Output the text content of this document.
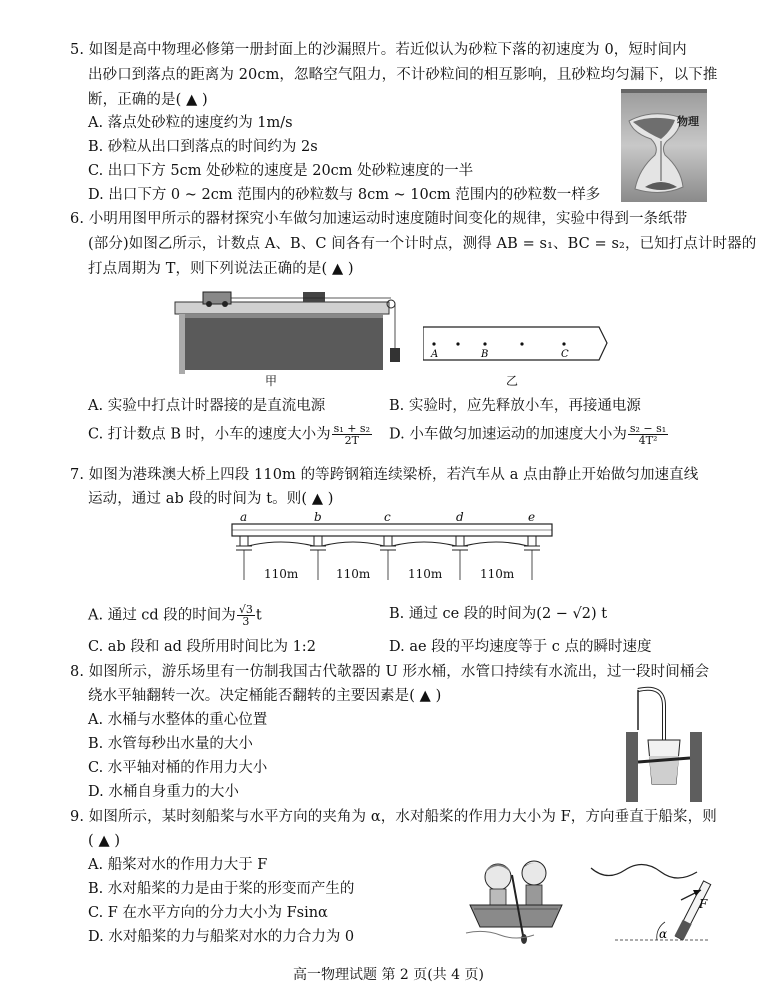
5. 如图是高中物理必修第一册封面上的沙漏照片。若近似认为砂粒下落的初速度为 0，短时间内
出砂口到落点的距离为 20cm，忽略空气阻力，不计砂粒间的相互影响，且砂粒均匀漏下，以下推
断，正确的是( ▲ )
A. 落点处砂粒的速度约为 1m/s
B. 砂粒从出口到落点的时间约为 2s
C. 出口下方 5cm 处砂粒的速度是 20cm 处砂粒速度的一半
D. 出口下方 0 ~ 2cm 范围内的砂粒数与 8cm ~ 10cm 范围内的砂粒数一样多
物理
6. 小明用图甲所示的器材探究小车做匀加速运动时速度随时间变化的规律，实验中得到一条纸带
(部分)如图乙所示，计数点 A、B、C 间各有一个计时点，测得 AB = s₁、BC = s₂，已知打点计时器的
打点周期为 T，则下列说法正确的是( ▲ )
甲
A	B	C
乙
A. 实验中打点计时器接的是直流电源	B. 实验时，应先释放小车，再接通电源
C. 打计数点 B 时，小车的速度大小为 $\frac{\text{s₁ + s₂}}{2T} D$. 小车做匀加速运动的加速度大小为 $\frac{\text{s₂ − s₁}}{\text{4T²}}$
7. 如图为港珠澳大桥上四段 110m 的等跨钢箱连续梁桥，若汽车从 a 点由静止开始做匀加速直线
运动，通过 ab 段的时间为 t。则( ▲ )
a	b	c	d	e
110m	110m	110m	110m
A. 通过 cd 段的时间为 $\frac{√3}{3}$ t	B. 通过 ce 段的时间为(2 − √2) t
C. ab 段和 ad 段所用时间比为 1:2	D. ae 段的平均速度等于 c 点的瞬时速度
8. 如图所示，游乐场里有一仿制我国古代欹器的 U 形水桶，水管口持续有水流出，过一段时间桶会
绕水平轴翻转一次。决定桶能否翻转的主要因素是( ▲ )
A. 水桶与水整体的重心位置
B. 水管每秒出水量的大小
C. 水平轴对桶的作用力大小
D. 水桶自身重力的大小
9. 如图所示，某时刻船桨与水平方向的夹角为 α，水对船桨的作用力大小为 F，方向垂直于船桨，则
( ▲ )
A. 船桨对水的作用力大于 F
B. 水对船桨的力是由于桨的形变而产生的
C. F 在水平方向的分力大小为 Fsinα
D. 水对船桨的力与船桨对水的力合力为 0
F
α
高一物理试题 第 2 页(共 4 页)
